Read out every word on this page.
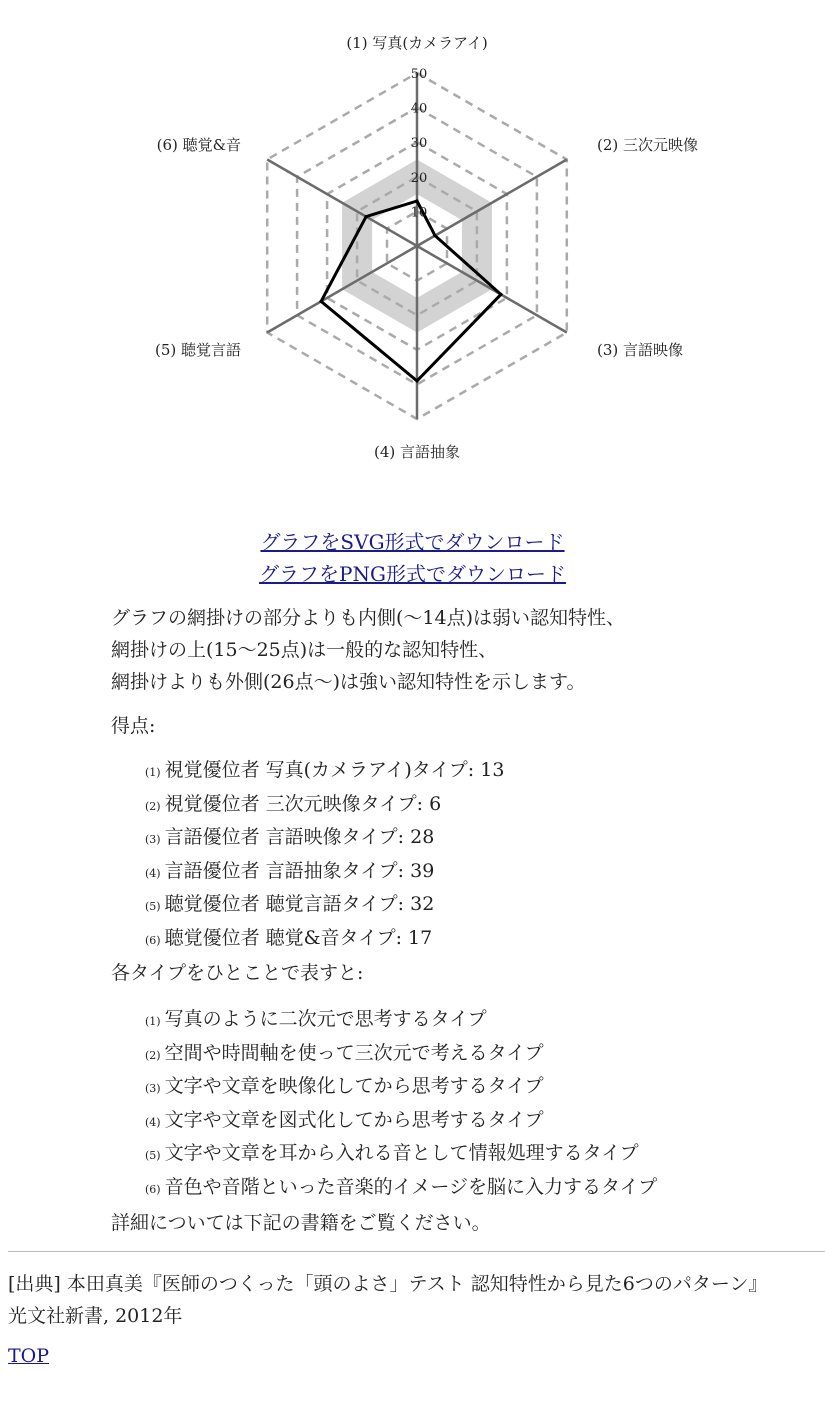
10
20
30
40
50
(1) 写真(カメラアイ)
(2) 三次元映像
(3) 言語映像
(4) 言語抽象
(5) 聴覚言語
(6) 聴覚&音
グラフをSVG形式でダウンロード
グラフをPNG形式でダウンロード
グラフの網掛けの部分よりも内側(〜14点)は弱い認知特性、
網掛けの上(15〜25点)は一般的な認知特性、
網掛けよりも外側(26点〜)は強い認知特性を示します。
得点:
(1) 視覚優位者 写真(カメラアイ)タイプ: 13
(2) 視覚優位者 三次元映像タイプ: 6
(3) 言語優位者 言語映像タイプ: 28
(4) 言語優位者 言語抽象タイプ: 39
(5) 聴覚優位者 聴覚言語タイプ: 32
(6) 聴覚優位者 聴覚&音タイプ: 17
各タイプをひとことで表すと:
(1) 写真のように二次元で思考するタイプ
(2) 空間や時間軸を使って三次元で考えるタイプ
(3) 文字や文章を映像化してから思考するタイプ
(4) 文字や文章を図式化してから思考するタイプ
(5) 文字や文章を耳から入れる音として情報処理するタイプ
(6) 音色や音階といった音楽的イメージを脳に入力するタイプ
詳細については下記の書籍をご覧ください。
[出典] 本田真美『医師のつくった「頭のよさ」テスト 認知特性から見た6つのパターン』
光文社新書, 2012年
TOP
